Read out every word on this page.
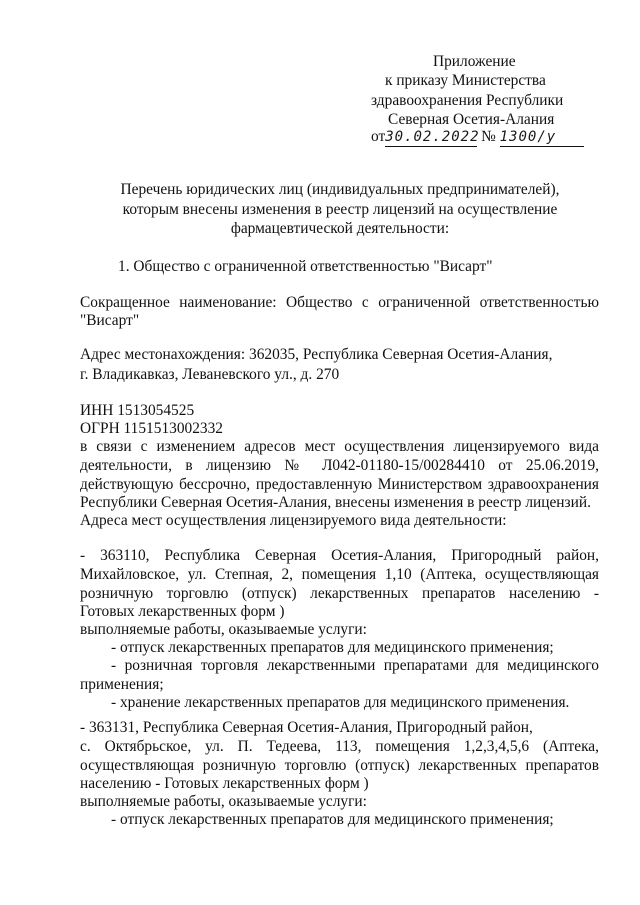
Приложение
к приказу Министерства
здравоохранения Республики
Северная Осетия-Алания
от30.02.2022 № 1300/у
Перечень юридических лиц (индивидуальных предпринимателей),
которым внесены изменения в реестр лицензий на осуществление
фармацевтической деятельности:
1. Общество с ограниченной ответственностью "Висарт"
Сокращенное наименование: Общество с ограниченной ответственностью
"Висарт"
Адрес местонахождения: 362035, Республика Северная Осетия-Алания,
г. Владикавказ, Леваневского ул., д. 270
ИНН 1513054525
ОГРН 1151513002332
в связи с изменением адресов мест осуществления лицензируемого вида
деятельности, в лицензию № Л042-01180-15/00284410 от 25.06.2019,
действующую бессрочно, предоставленную Министерством здравоохранения
Республики Северная Осетия-Алания, внесены изменения в реестр лицензий.
Адреса мест осуществления лицензируемого вида деятельности:
- 363110, Республика Северная Осетия-Алания, Пригородный район,
Михайловское, ул. Степная, 2, помещения 1,10 (Аптека, осуществляющая
розничную торговлю (отпуск) лекарственных препаратов населению -
Готовых лекарственных форм )
выполняемые работы, оказываемые услуги:
- отпуск лекарственных препаратов для медицинского применения;
- розничная торговля лекарственными препаратами для медицинского
применения;
- хранение лекарственных препаратов для медицинского применения.
- 363131, Республика Северная Осетия-Алания, Пригородный район,
с. Октябрьское, ул. П. Тедеева, 113, помещения 1,2,3,4,5,6 (Аптека,
осуществляющая розничную торговлю (отпуск) лекарственных препаратов
населению - Готовых лекарственных форм )
выполняемые работы, оказываемые услуги:
- отпуск лекарственных препаратов для медицинского применения;
